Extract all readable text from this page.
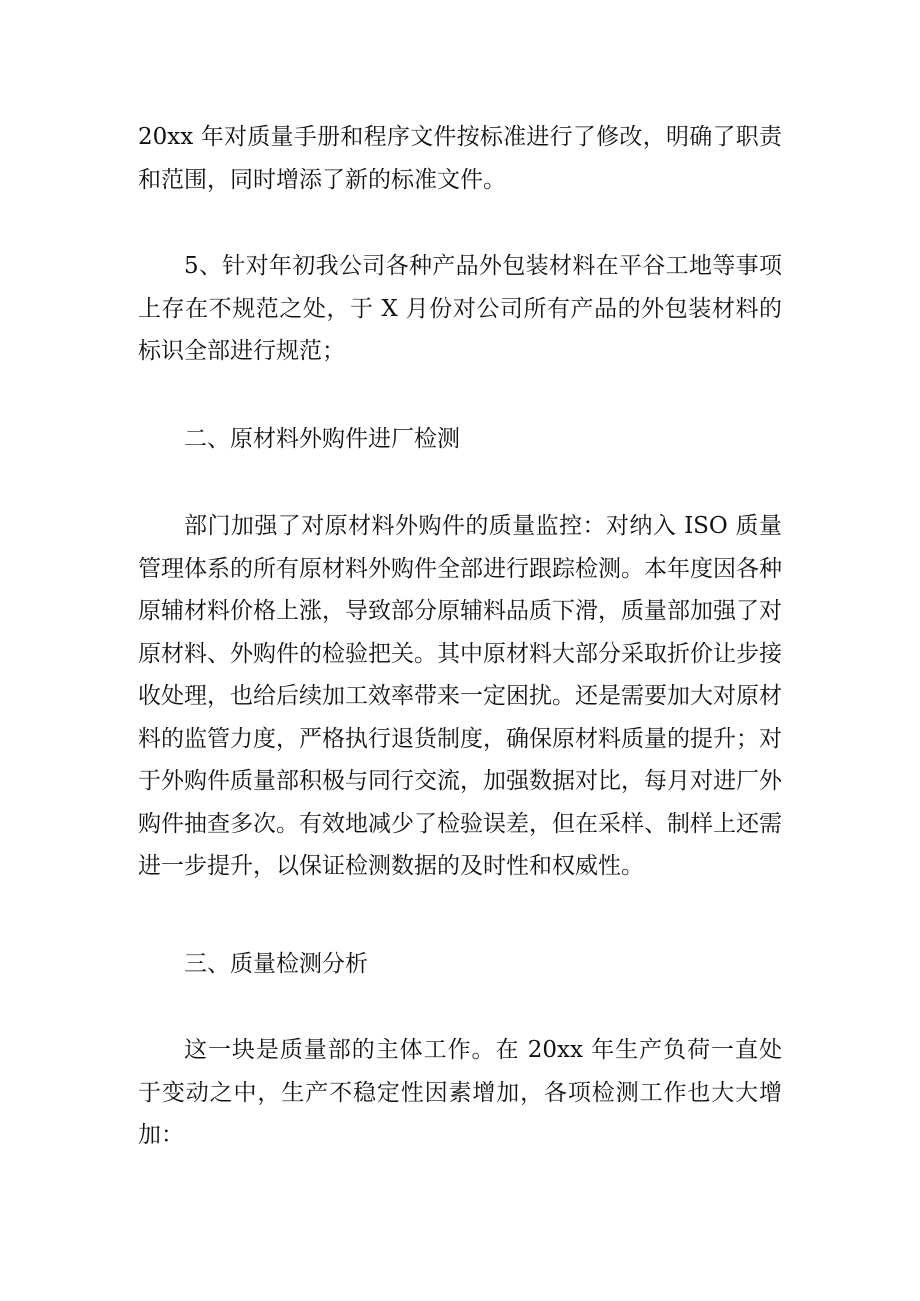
20xx 年对质量手册和程序文件按标准进行了修改，明确了职责和范围，同时增添了新的标准文件。

5、针对年初我公司各种产品外包装材料在平谷工地等事项上存在不规范之处，于 X 月份对公司所有产品的外包装材料的标识全部进行规范；

二、原材料外购件进厂检测

部门加强了对原材料外购件的质量监控：对纳入 ISO 质量管理体系的所有原材料外购件全部进行跟踪检测。本年度因各种原辅材料价格上涨，导致部分原辅料品质下滑，质量部加强了对原材料、外购件的检验把关。其中原材料大部分采取折价让步接收处理，也给后续加工效率带来一定困扰。还是需要加大对原材料的监管力度，严格执行退货制度，确保原材料质量的提升；对于外购件质量部积极与同行交流，加强数据对比，每月对进厂外购件抽查多次。有效地减少了检验误差，但在采样、制样上还需进一步提升，以保证检测数据的及时性和权威性。

三、质量检测分析

这一块是质量部的主体工作。在 20xx 年生产负荷一直处于变动之中，生产不稳定性因素增加，各项检测工作也大大增加：
